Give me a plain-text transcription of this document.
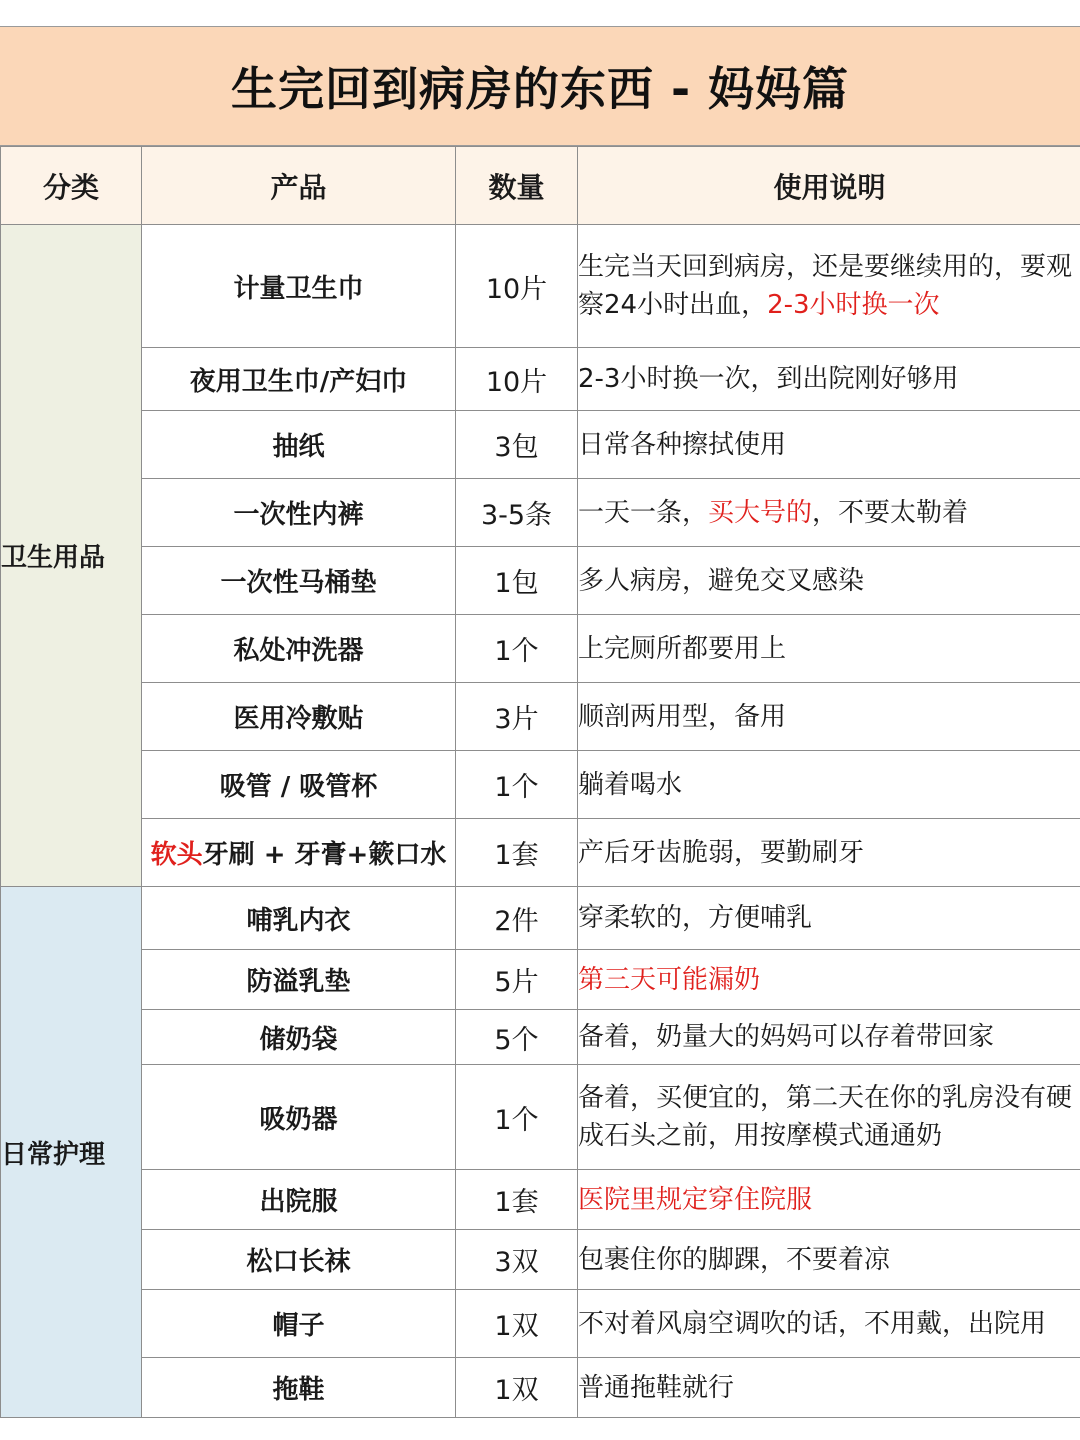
生完回到病房的东西 - 妈妈篇
分类	产品	数量	使用说明
卫生用品	计量卫生巾	10片	生完当天回到病房，还是要继续用的，要观察24小时出血，2-3小时换一次
	夜用卫生巾/产妇巾	10片	2-3小时换一次，到出院刚好够用
	抽纸	3包	日常各种擦拭使用
	一次性内裤	3-5条	一天一条，买大号的，不要太勒着
	一次性马桶垫	1包	多人病房，避免交叉感染
	私处冲洗器	1个	上完厕所都要用上
	医用冷敷贴	3片	顺剖两用型，备用
	吸管 / 吸管杯	1个	躺着喝水
	软头牙刷 + 牙膏+簌口水	1套	产后牙齿脆弱，要勤刷牙
日常护理	哺乳内衣	2件	穿柔软的，方便哺乳
	防溢乳垫	5片	第三天可能漏奶
	储奶袋	5个	备着，奶量大的妈妈可以存着带回家
	吸奶器	1个	备着，买便宜的，第二天在你的乳房没有硬成石头之前，用按摩模式通通奶
	出院服	1套	医院里规定穿住院服
	松口长袜	3双	包裹住你的脚踝，不要着凉
	帽子	1双	不对着风扇空调吹的话，不用戴，出院用
	拖鞋	1双	普通拖鞋就行
